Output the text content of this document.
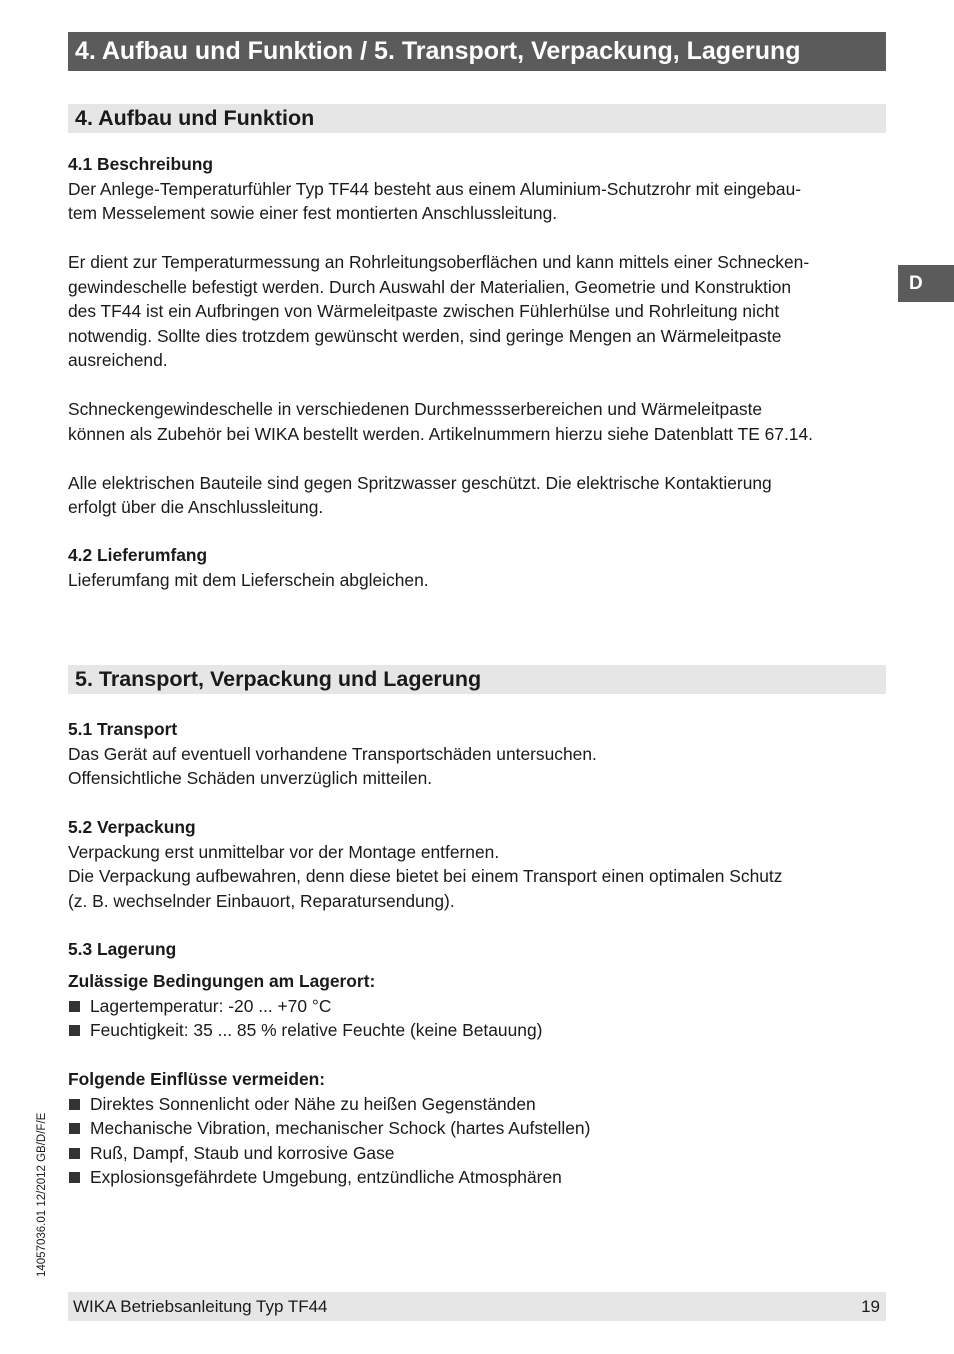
4. Aufbau und Funktion / 5. Transport, Verpackung, Lagerung
D
4. Aufbau und Funktion

4.1 Beschreibung

Der Anlege-Temperaturfühler Typ TF44 besteht aus einem Aluminium-Schutzrohr mit eingebau-

tem Messelement sowie einer fest montierten Anschlussleitung.

Er dient zur Temperaturmessung an Rohrleitungsoberflächen und kann mittels einer Schnecken-

gewindeschelle befestigt werden. Durch Auswahl der Materialien, Geometrie und Konstruktion

des TF44 ist ein Aufbringen von Wärmeleitpaste zwischen Fühlerhülse und Rohrleitung nicht

notwendig. Sollte dies trotzdem gewünscht werden, sind geringe Mengen an Wärmeleitpaste

ausreichend.

Schneckengewindeschelle in verschiedenen Durchmessserbereichen und Wärmeleitpaste

können als Zubehör bei WIKA bestellt werden. Artikelnummern hierzu siehe Datenblatt TE 67.14.

Alle elektrischen Bauteile sind gegen Spritzwasser geschützt. Die elektrische Kontaktierung

erfolgt über die Anschlussleitung.

4.2 Lieferumfang

Lieferumfang mit dem Lieferschein abgleichen.

5. Transport, Verpackung und Lagerung

5.1 Transport

Das Gerät auf eventuell vorhandene Transportschäden untersuchen.

Offensichtliche Schäden unverzüglich mitteilen.

5.2 Verpackung

Verpackung erst unmittelbar vor der Montage entfernen.

Die Verpackung aufbewahren, denn diese bietet bei einem Transport einen optimalen Schutz

(z. B. wechselnder Einbauort, Reparatursendung).

5.3 Lagerung

Zulässige Bedingungen am Lagerort:

Lagertemperatur: -20 ... +70 °C
Feuchtigkeit: 35 ... 85 % relative Feuchte (keine Betauung)

Folgende Einflüsse vermeiden:

Direktes Sonnenlicht oder Nähe zu heißen Gegenständen
Mechanische Vibration, mechanischer Schock (hartes Aufstellen)
Ruß, Dampf, Staub und korrosive Gase
Explosionsgefährdete Umgebung, entzündliche Atmosphären
14057036.01 12/2012 GB/D/F/E
WIKA Betriebsanleitung Typ TF44	19
